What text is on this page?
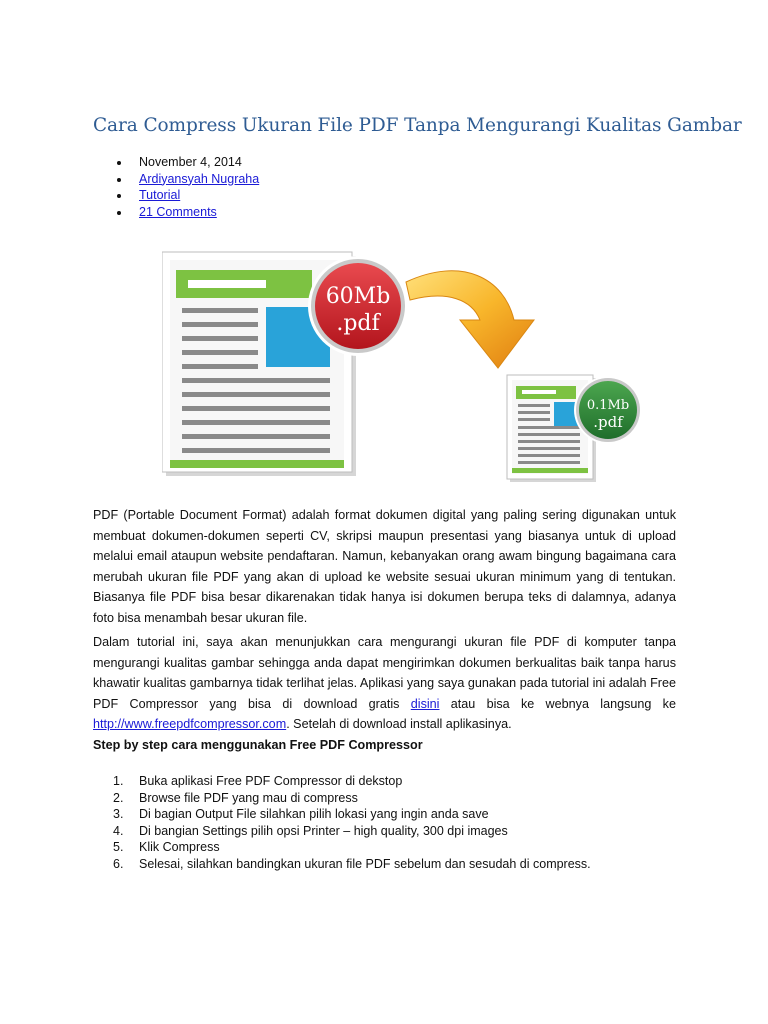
Cara Compress Ukuran File PDF Tanpa Mengurangi Kualitas Gambar
November 4, 2014
Ardiyansyah Nugraha
Tutorial
21 Comments
60Mb
.pdf
0.1Mb
.pdf

PDF (Portable Document Format) adalah format dokumen digital yang paling sering digunakan untuk membuat dokumen-dokumen seperti CV, skripsi maupun presentasi yang biasanya untuk di upload melalui email ataupun website pendaftaran. Namun, kebanyakan orang awam bingung bagaimana cara merubah ukuran file PDF yang akan di upload ke website sesuai ukuran minimum yang di tentukan. Biasanya file PDF bisa besar dikarenakan tidak hanya isi dokumen berupa teks di dalamnya, adanya foto bisa menambah besar ukuran file.

Dalam tutorial ini, saya akan menunjukkan cara mengurangi ukuran file PDF di komputer tanpa mengurangi kualitas gambar sehingga anda dapat mengirimkan dokumen berkualitas baik tanpa harus khawatir kualitas gambarnya tidak terlihat jelas. Aplikasi yang saya gunakan pada tutorial ini adalah Free PDF Compressor yang bisa di download gratis disini atau bisa ke webnya langsung ke http://www.freepdfcompressor.com. Setelah di download install aplikasinya.

Step by step cara menggunakan Free PDF Compressor
1. Buka aplikasi Free PDF Compressor di dekstop
2. Browse file PDF yang mau di compress
3. Di bagian Output File silahkan pilih lokasi yang ingin anda save
4. Di bangian Settings pilih opsi Printer – high quality, 300 dpi images
5. Klik Compress
6. Selesai, silahkan bandingkan ukuran file PDF sebelum dan sesudah di compress.
